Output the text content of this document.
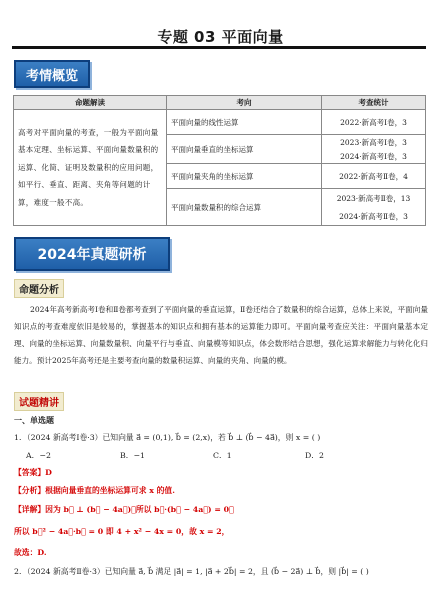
专题 03 平面向量
考情概览
命题解读	考向	考查统计
高考对平面向量的考查，一般为平面向量基本定理、坐标运算、平面向量数量积的运算、化简、证明及数量积的应用问题，如平行、垂直、距离、夹角等问题的计算，难度一般不高。	平面向量的线性运算	2022·新高考Ⅰ卷，3
	平面向量垂直的坐标运算	2023·新高考Ⅰ卷，3
		2024·新高考Ⅰ卷，3
	平面向量夹角的坐标运算	2022·新高考Ⅱ卷，4
	平面向量数量积的综合运算	2023·新高考Ⅱ卷，13
		2024·新高考Ⅱ卷，3
2024年真题研析
命题分析

2024年高考新高考Ⅰ卷和Ⅱ卷都考查到了平面向量的垂直运算，Ⅱ卷还结合了数量积的综合运算，总体上来说，平面向量知识点的考查难度依旧是较易的，掌握基本的知识点和拥有基本的运算能力即可。平面向量考查应关注：平面向量基本定理、向量的坐标运算、向量数量积、向量平行与垂直、向量模等知识点，体会数形结合思想，强化运算求解能力与转化化归能力。预计2025年高考还是主要考查向量的数量积运算、向量的夹角、向量的模。

试题精讲
一、单选题
1．（2024 新高考Ⅰ卷·3）已知向量 a⃗ = (0,1), b⃗ = (2,x)，若 b⃗ ⊥ (b⃗ − 4a⃗)，则 x = ( )
A．−2	B．−1	C．1	D．2
【答案】D
【分析】根据向量垂直的坐标运算可求 x 的值.
【详解】因为 b⃗ ⊥ (b⃗ − 4a⃗)，所以 b⃗·(b⃗ − 4a⃗) = 0，
所以 b⃗² − 4a⃗·b⃗ = 0 即 4 + x² − 4x = 0，故 x = 2，
故选：D.
2．（2024 新高考Ⅱ卷·3）已知向量 a⃗, b⃗ 满足 |a⃗| = 1, |a⃗ + 2b⃗| = 2，且 (b⃗ − 2a⃗) ⊥ b⃗，则 |b⃗| = ( )
